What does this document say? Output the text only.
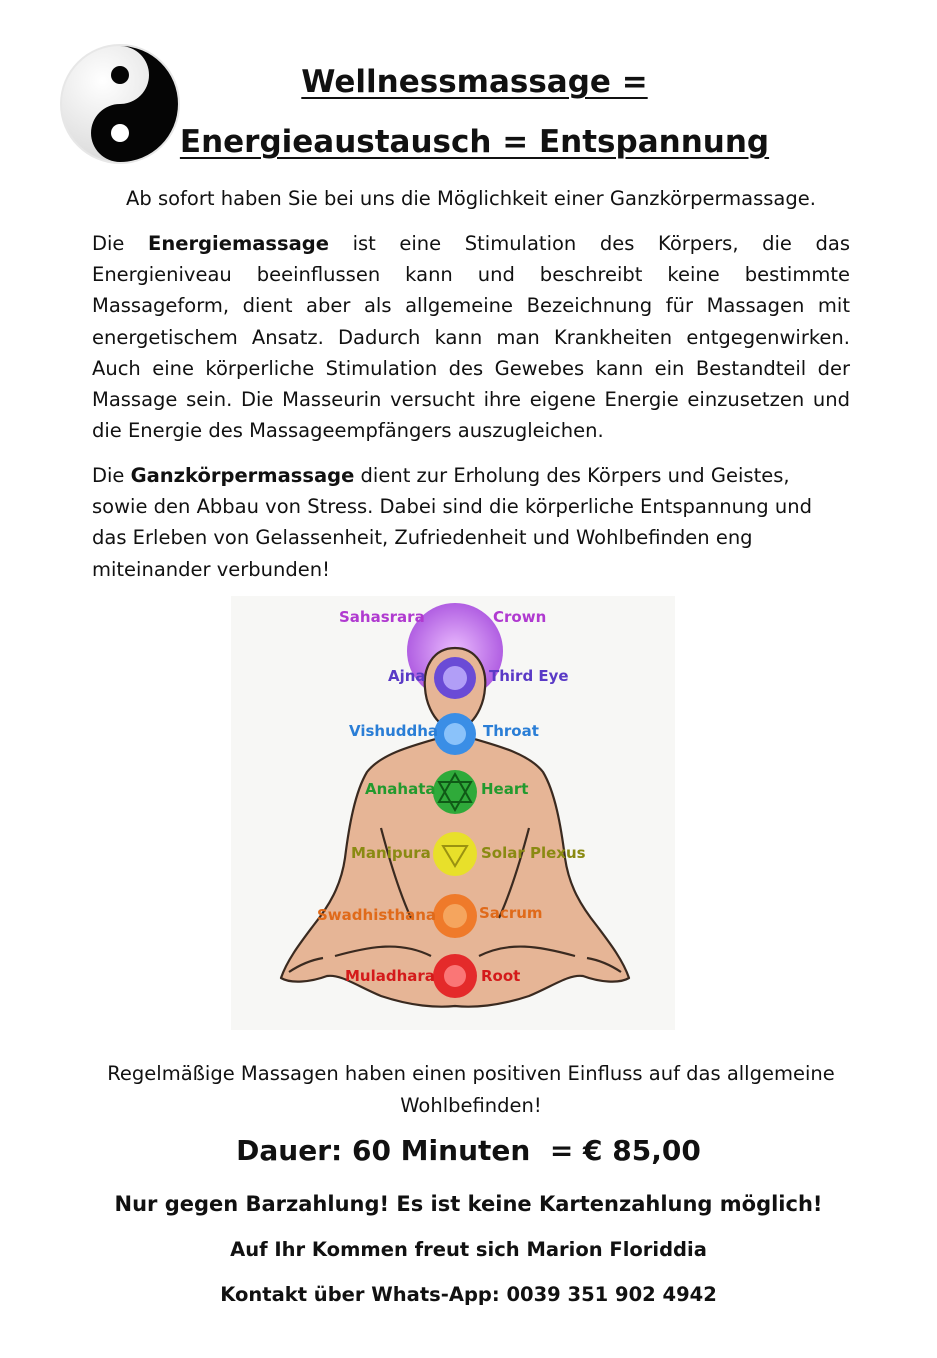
Wellnessmassage =
Energieaustausch = Entspannung

Ab sofort haben Sie bei uns die Möglichkeit einer Ganzkörpermassage.

Die Energiemassage ist eine Stimulation des Körpers, die das Energieniveau beeinflussen kann und beschreibt keine bestimmte Massageform, dient aber als allgemeine Bezeichnung für Massagen mit energetischem Ansatz. Dadurch kann man Krankheiten entgegenwirken. Auch eine körperliche Stimulation des Gewebes kann ein Bestandteil der Massage sein. Die Masseurin versucht ihre eigene Energie einzusetzen und die Energie des Massageempfängers auszugleichen.

Die Ganzkörpermassage dient zur Erholung des Körpers und Geistes, sowie den Abbau von Stress. Dabei sind die körperliche Entspannung und das Erleben von Gelassenheit, Zufriedenheit und Wohlbefinden eng miteinander verbunden!

Sahasrara	Crown
Ajna	Third Eye
Vishuddha	Throat
Anahata	Heart
Manipura	Solar Plexus
Swadhisthana	Sacrum
Muladhara	Root

Regelmäßige Massagen haben einen positiven Einfluss auf das allgemeine Wohlbefinden!

Dauer: 60 Minuten  = € 85,00

Nur gegen Barzahlung! Es ist keine Kartenzahlung möglich!

Auf Ihr Kommen freut sich Marion Floriddia

Kontakt über Whats-App: 0039 351 902 4942
